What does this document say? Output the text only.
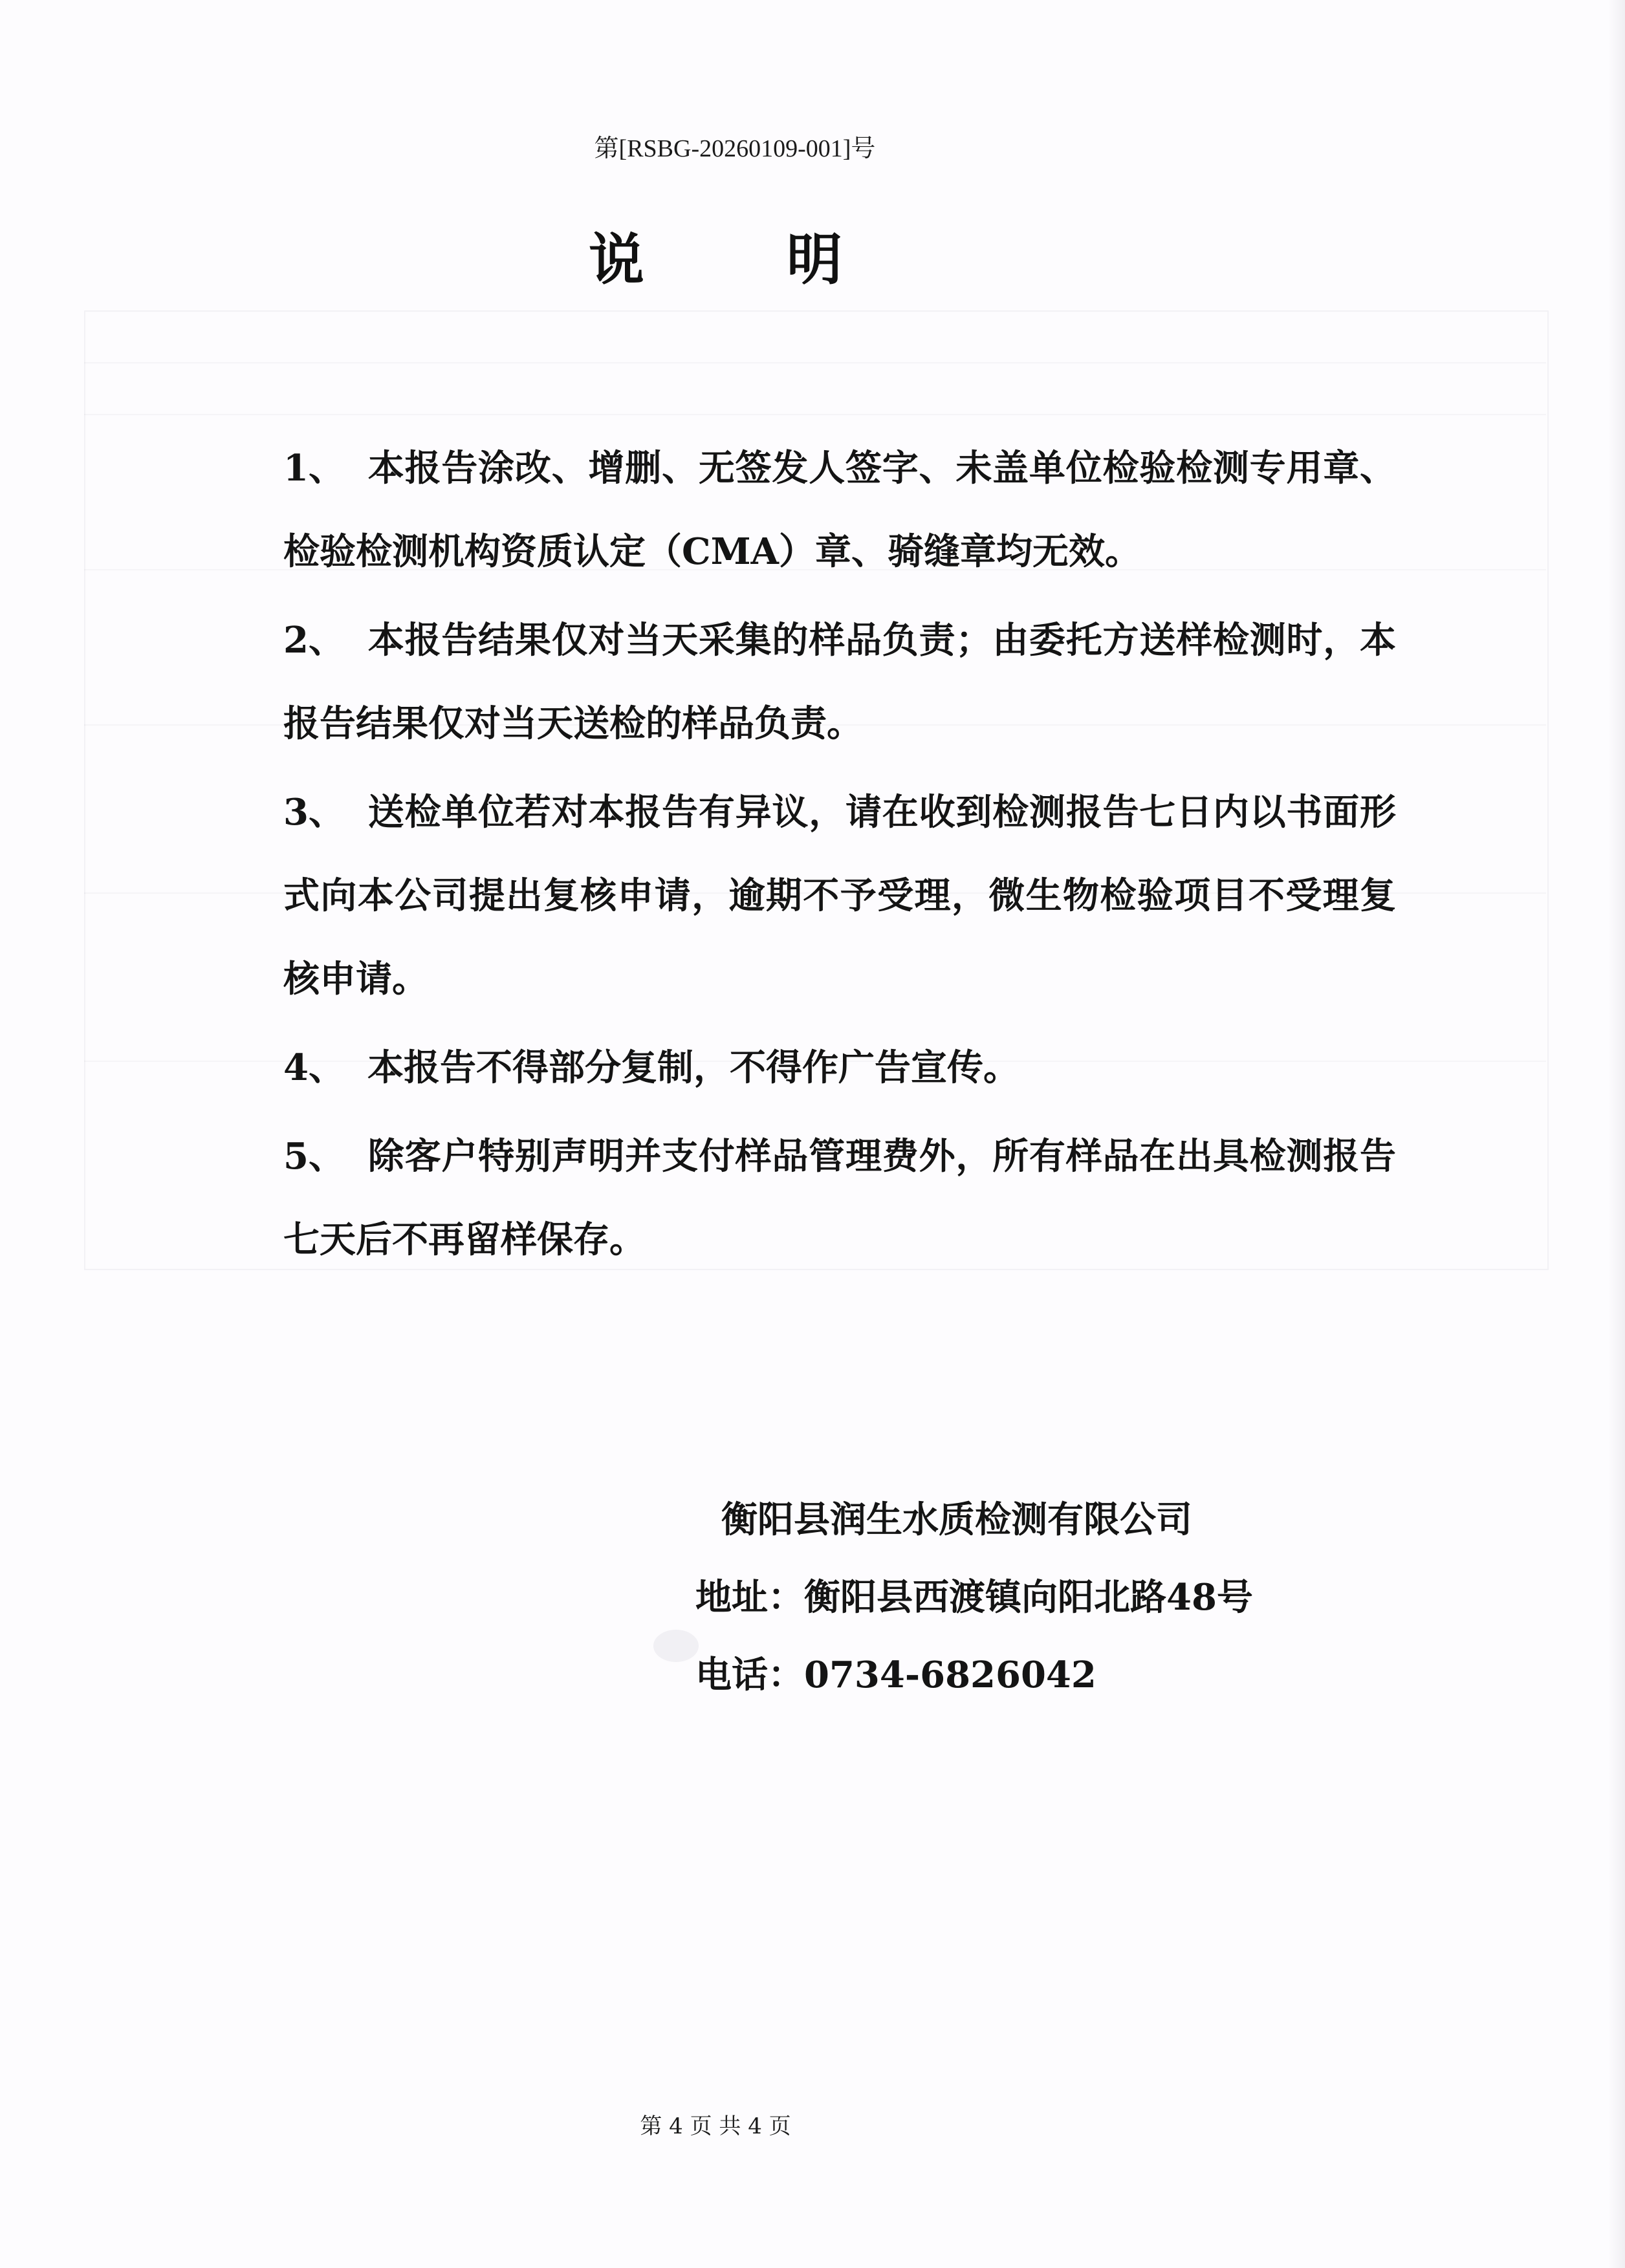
第[RSBG-20260109-001]号
说明

1、 本报告涂改、增删、无签发人签字、未盖单位检验检测专用章、检验检测机构资质认定（CMA）章、骑缝章均无效。

2、 本报告结果仅对当天采集的样品负责；由委托方送样检测时，本报告结果仅对当天送检的样品负责。

3、 送检单位若对本报告有异议，请在收到检测报告七日内以书面形式向本公司提出复核申请，逾期不予受理，微生物检验项目不受理复核申请。

4、 本报告不得部分复制，不得作广告宣传。

5、 除客户特别声明并支付样品管理费外，所有样品在出具检测报告七天后不再留样保存。

衡阳县润生水质检测有限公司
地址：衡阳县西渡镇向阳北路48号
电话：0734-6826042
第 4 页 共 4 页
